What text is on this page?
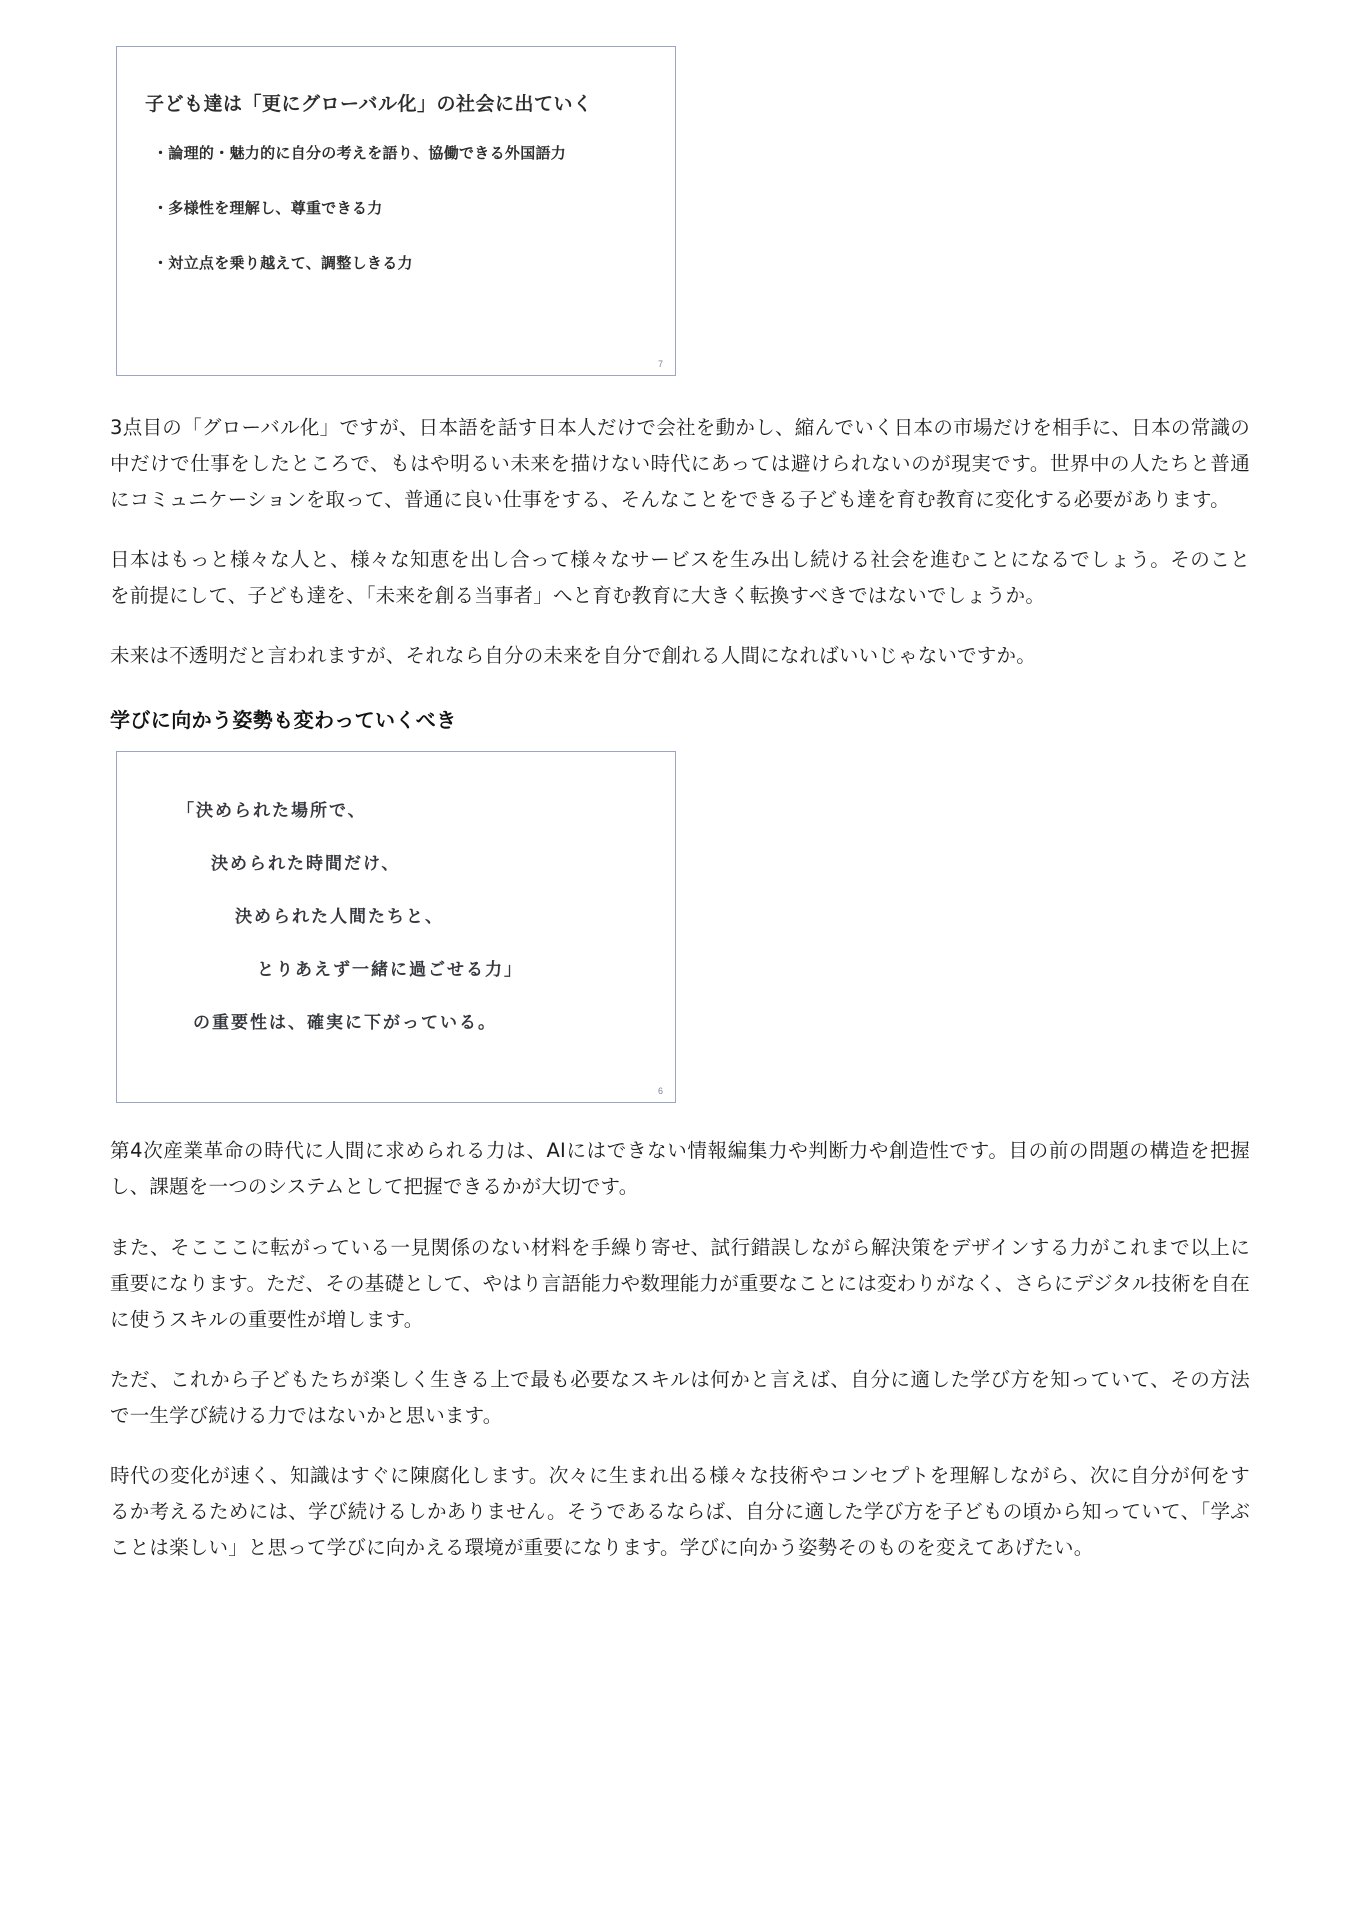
子ども達は「更にグローバル化」の社会に出ていく
・論理的・魅力的に自分の考えを語り、協働できる外国語力
・多様性を理解し、尊重できる力
・対立点を乗り越えて、調整しきる力
7

3点目の「グローバル化」ですが、日本語を話す日本人だけで会社を動かし、縮んでいく日本の市場だけを相手に、日本の常識の中だけで仕事をしたところで、もはや明るい未来を描けない時代にあっては避けられないのが現実です。世界中の人たちと普通にコミュニケーションを取って、普通に良い仕事をする、そんなことをできる子ども達を育む教育に変化する必要があります。

日本はもっと様々な人と、様々な知恵を出し合って様々なサービスを生み出し続ける社会を進むことになるでしょう。そのことを前提にして、子ども達を、「未来を創る当事者」へと育む教育に大きく転換すべきではないでしょうか。

未来は不透明だと言われますが、それなら自分の未来を自分で創れる人間になればいいじゃないですか。

学びに向かう姿勢も変わっていくべき
「決められた場所で、
決められた時間だけ、
決められた人間たちと、
とりあえず一緒に過ごせる力」
の重要性は、確実に下がっている。
6

第4次産業革命の時代に人間に求められる力は、AIにはできない情報編集力や判断力や創造性です。目の前の問題の構造を把握し、課題を一つのシステムとして把握できるかが大切です。

また、そこここに転がっている一見関係のない材料を手繰り寄せ、試行錯誤しながら解決策をデザインする力がこれまで以上に重要になります。ただ、その基礎として、やはり言語能力や数理能力が重要なことには変わりがなく、さらにデジタル技術を自在に使うスキルの重要性が増します。

ただ、これから子どもたちが楽しく生きる上で最も必要なスキルは何かと言えば、自分に適した学び方を知っていて、その方法で一生学び続ける力ではないかと思います。

時代の変化が速く、知識はすぐに陳腐化します。次々に生まれ出る様々な技術やコンセプトを理解しながら、次に自分が何をするか考えるためには、学び続けるしかありません。そうであるならば、自分に適した学び方を子どもの頃から知っていて、「学ぶことは楽しい」と思って学びに向かえる環境が重要になります。学びに向かう姿勢そのものを変えてあげたい。
